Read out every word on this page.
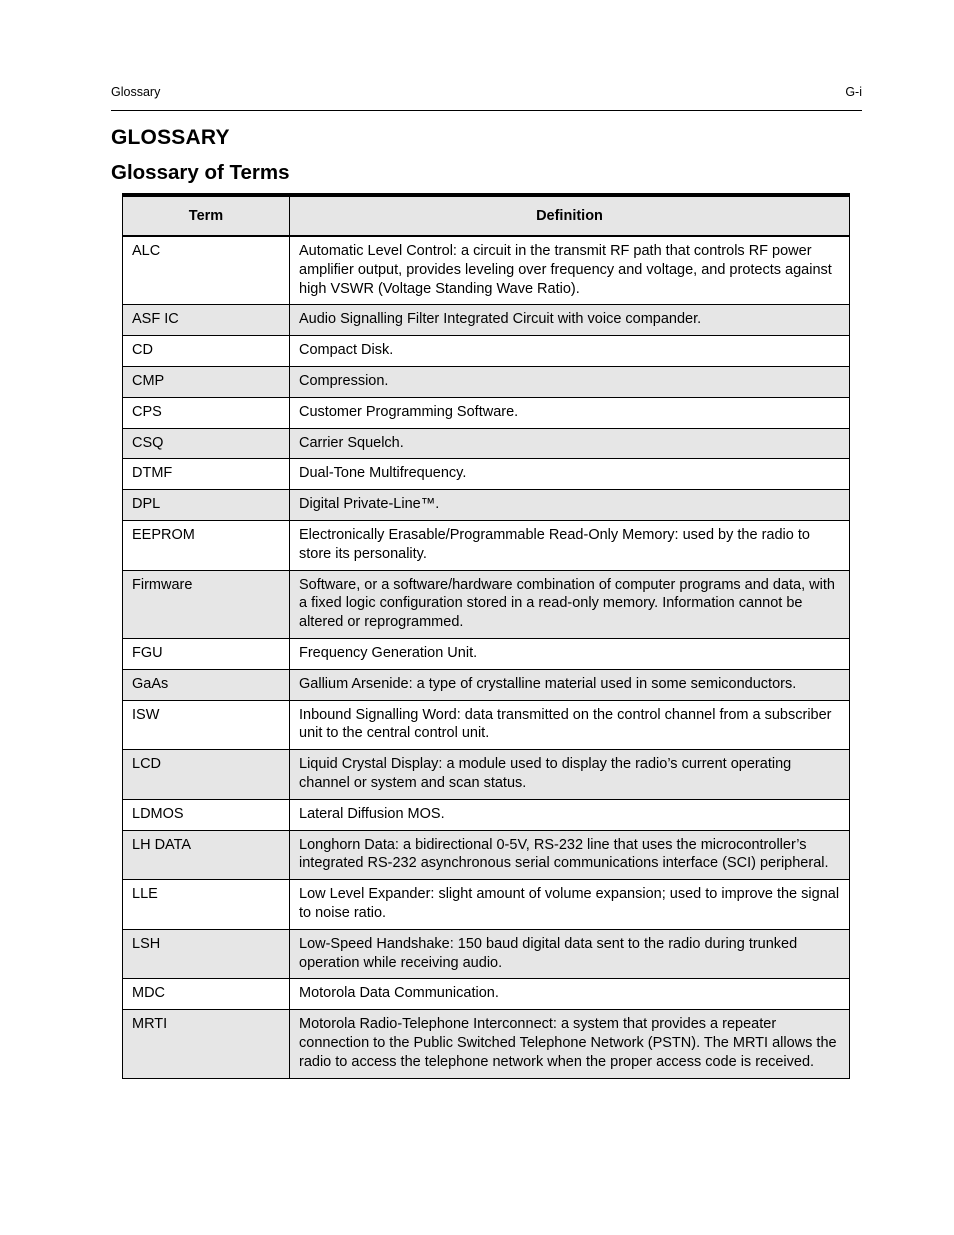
Glossary	G-i
GLOSSARY
Glossary of Terms
Term	Definition
ALC	Automatic Level Control: a circuit in the transmit RF path that controls RF power amplifier output, provides leveling over frequency and voltage, and protects against high VSWR (Voltage Standing Wave Ratio).
ASF IC	Audio Signalling Filter Integrated Circuit with voice compander.
CD	Compact Disk.
CMP	Compression.
CPS	Customer Programming Software.
CSQ	Carrier Squelch.
DTMF	Dual-Tone Multifrequency.
DPL	Digital Private-Line™.
EEPROM	Electronically Erasable/Programmable Read-Only Memory: used by the radio to store its personality.
Firmware	Software, or a software/hardware combination of computer programs and data, with a fixed logic configuration stored in a read-only memory. Information cannot be altered or reprogrammed.
FGU	Frequency Generation Unit.
GaAs	Gallium Arsenide: a type of crystalline material used in some semiconductors.
ISW	Inbound Signalling Word: data transmitted on the control channel from a subscriber unit to the central control unit.
LCD	Liquid Crystal Display: a module used to display the radio’s current operating channel or system and scan status.
LDMOS	Lateral Diffusion MOS.
LH DATA	Longhorn Data: a bidirectional 0-5V, RS-232 line that uses the microcontroller’s integrated RS-232 asynchronous serial communications interface (SCI) peripheral.
LLE	Low Level Expander: slight amount of volume expansion; used to improve the signal to noise ratio.
LSH	Low-Speed Handshake: 150 baud digital data sent to the radio during trunked operation while receiving audio.
MDC	Motorola Data Communication.
MRTI	Motorola Radio-Telephone Interconnect: a system that provides a repeater connection to the Public Switched Telephone Network (PSTN). The MRTI allows the radio to access the telephone network when the proper access code is received.
